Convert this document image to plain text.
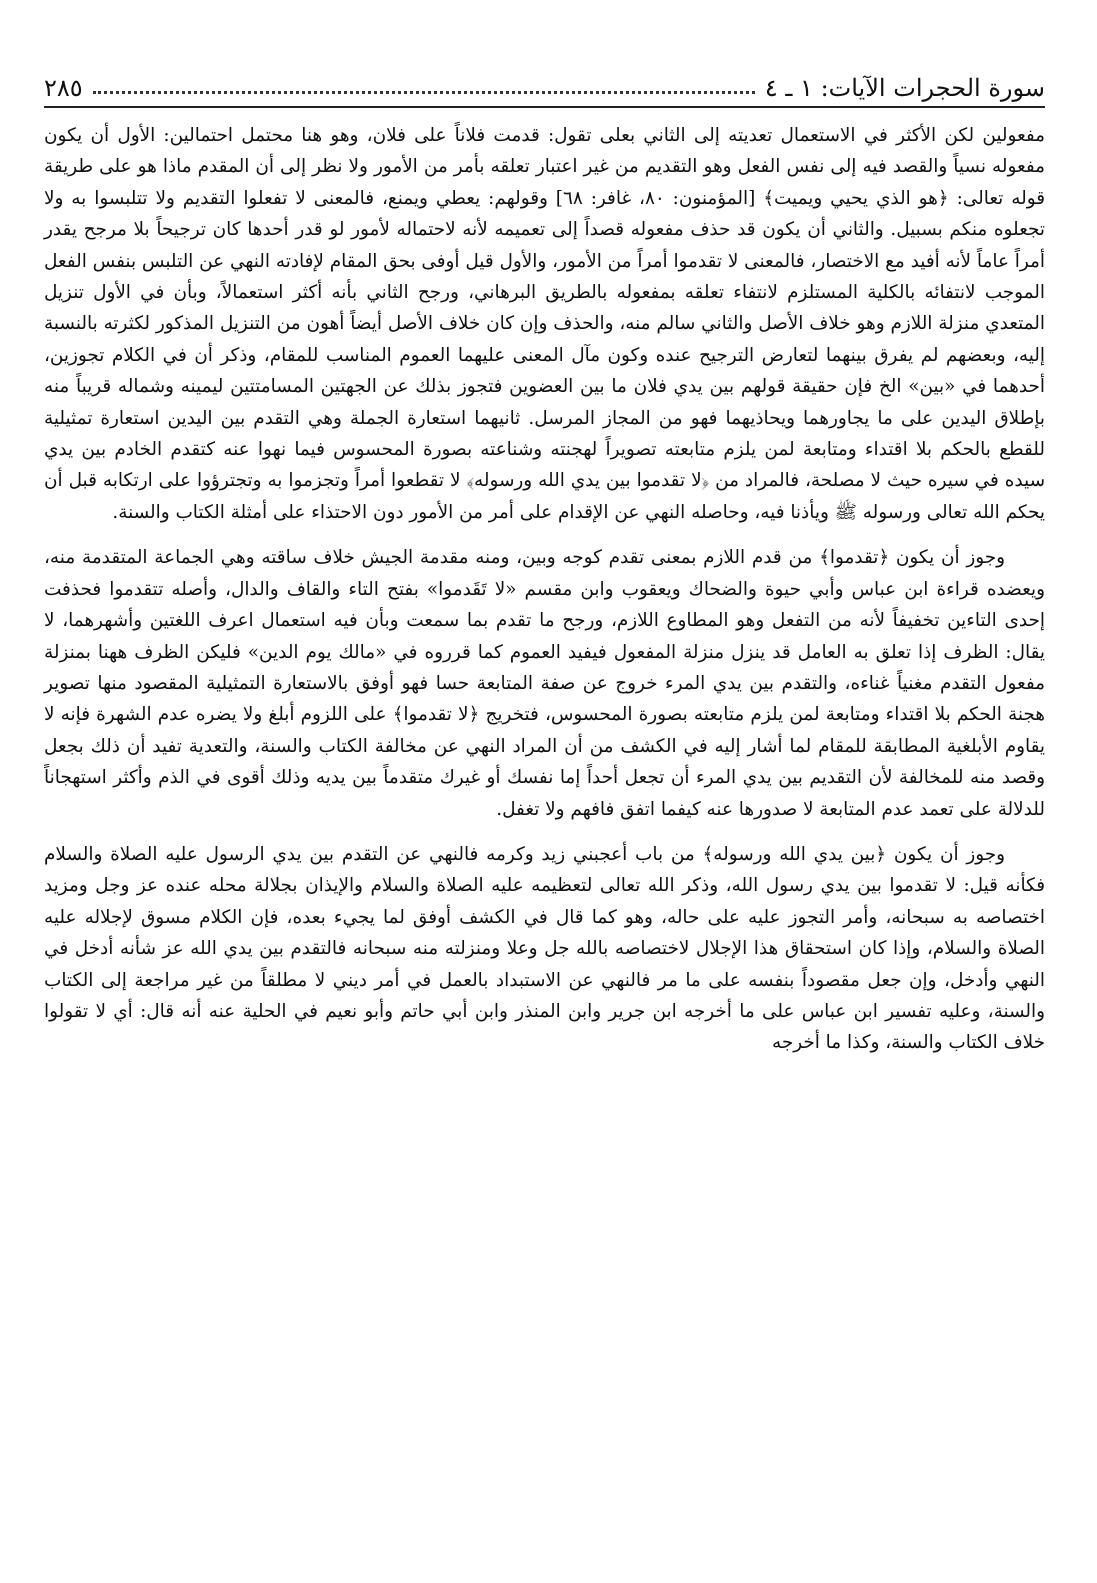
سورة الحجرات الآيات: ١ ـ ٤
٢٨٥

مفعولين لكن الأكثر في الاستعمال تعديته إلى الثاني بعلى تقول: قدمت فلاناً على فلان، وهو هنا محتمل احتمالين: الأول أن يكون مفعوله نسياً والقصد فيه إلى نفس الفعل وهو التقديم من غير اعتبار تعلقه بأمر من الأمور ولا نظر إلى أن المقدم ماذا هو على طريقة قوله تعالى: ﴿هو الذي يحيي ويميت﴾ [المؤمنون: ٨٠، غافر: ٦٨] وقولهم: يعطي ويمنع، فالمعنى لا تفعلوا التقديم ولا تتلبسوا به ولا تجعلوه منكم بسبيل. والثاني أن يكون قد حذف مفعوله قصداً إلى تعميمه لأنه لاحتماله لأمور لو قدر أحدها كان ترجيحاً بلا مرجح يقدر أمراً عاماً لأنه أفيد مع الاختصار، فالمعنى لا تقدموا أمراً من الأمور، والأول قيل أوفى بحق المقام لإفادته النهي عن التلبس بنفس الفعل الموجب لانتفائه بالكلية المستلزم لانتفاء تعلقه بمفعوله بالطريق البرهاني، ورجح الثاني بأنه أكثر استعمالاً، وبأن في الأول تنزيل المتعدي منزلة اللازم وهو خلاف الأصل والثاني سالم منه، والحذف وإن كان خلاف الأصل أيضاً أهون من التنزيل المذكور لكثرته بالنسبة إليه، وبعضهم لم يفرق بينهما لتعارض الترجيح عنده وكون مآل المعنى عليهما العموم المناسب للمقام، وذكر أن في الكلام تجوزين، أحدهما في «بين» الخ فإن حقيقة قولهم بين يدي فلان ما بين العضوين فتجوز بذلك عن الجهتين المسامتتين ليمينه وشماله قريباً منه بإطلاق اليدين على ما يجاورهما ويحاذيهما فهو من المجاز المرسل. ثانيهما استعارة الجملة وهي التقدم بين اليدين استعارة تمثيلية للقطع بالحكم بلا اقتداء ومتابعة لمن يلزم متابعته تصويراً لهجنته وشناعته بصورة المحسوس فيما نهوا عنه كتقدم الخادم بين يدي سيده في سيره حيث لا مصلحة، فالمراد من ﴿لا تقدموا بين يدي الله ورسوله﴾ لا تقطعوا أمراً وتجزموا به وتجترؤوا على ارتكابه قبل أن يحكم الله تعالى ورسوله ﷺ ويأذنا فيه، وحاصله النهي عن الإقدام على أمر من الأمور دون الاحتذاء على أمثلة الكتاب والسنة.

وجوز أن يكون ﴿تقدموا﴾ من قدم اللازم بمعنى تقدم كوجه وبين، ومنه مقدمة الجيش خلاف ساقته وهي الجماعة المتقدمة منه، ويعضده قراءة ابن عباس وأبي حيوة والضحاك ويعقوب وابن مقسم «لا تَقَدموا» بفتح التاء والقاف والدال، وأصله تتقدموا فحذفت إحدى التاءين تخفيفاً لأنه من التفعل وهو المطاوع اللازم، ورجح ما تقدم بما سمعت وبأن فيه استعمال اعرف اللغتين وأشهرهما، لا يقال: الظرف إذا تعلق به العامل قد ينزل منزلة المفعول فيفيد العموم كما قرروه في «مالك يوم الدين» فليكن الظرف ههنا بمنزلة مفعول التقدم مغنياً غناءه، والتقدم بين يدي المرء خروج عن صفة المتابعة حسا فهو أوفق بالاستعارة التمثيلية المقصود منها تصوير هجنة الحكم بلا اقتداء ومتابعة لمن يلزم متابعته بصورة المحسوس، فتخريج ﴿لا تقدموا﴾ على اللزوم أبلغ ولا يضره عدم الشهرة فإنه لا يقاوم الأبلغية المطابقة للمقام لما أشار إليه في الكشف من أن المراد النهي عن مخالفة الكتاب والسنة، والتعدية تفيد أن ذلك بجعل وقصد منه للمخالفة لأن التقديم بين يدي المرء أن تجعل أحداً إما نفسك أو غيرك متقدماً بين يديه وذلك أقوى في الذم وأكثر استهجاناً للدلالة على تعمد عدم المتابعة لا صدورها عنه كيفما اتفق فافهم ولا تغفل.

وجوز أن يكون ﴿بين يدي الله ورسوله﴾ من باب أعجبني زيد وكرمه فالنهي عن التقدم بين يدي الرسول عليه الصلاة والسلام فكأنه قيل: لا تقدموا بين يدي رسول الله، وذكر الله تعالى لتعظيمه عليه الصلاة والسلام والإيذان بجلالة محله عنده عز وجل ومزيد اختصاصه به سبحانه، وأمر التجوز عليه على حاله، وهو كما قال في الكشف أوفق لما يجيء بعده، فإن الكلام مسوق لإجلاله عليه الصلاة والسلام، وإذا كان استحقاق هذا الإجلال لاختصاصه بالله جل وعلا ومنزلته منه سبحانه فالتقدم بين يدي الله عز شأنه أدخل في النهي وأدخل، وإن جعل مقصوداً بنفسه على ما مر فالنهي عن الاستبداد بالعمل في أمر ديني لا مطلقاً من غير مراجعة إلى الكتاب والسنة، وعليه تفسير ابن عباس على ما أخرجه ابن جرير وابن المنذر وابن أبي حاتم وأبو نعيم في الحلية عنه أنه قال: أي لا تقولوا خلاف الكتاب والسنة، وكذا ما أخرجه
